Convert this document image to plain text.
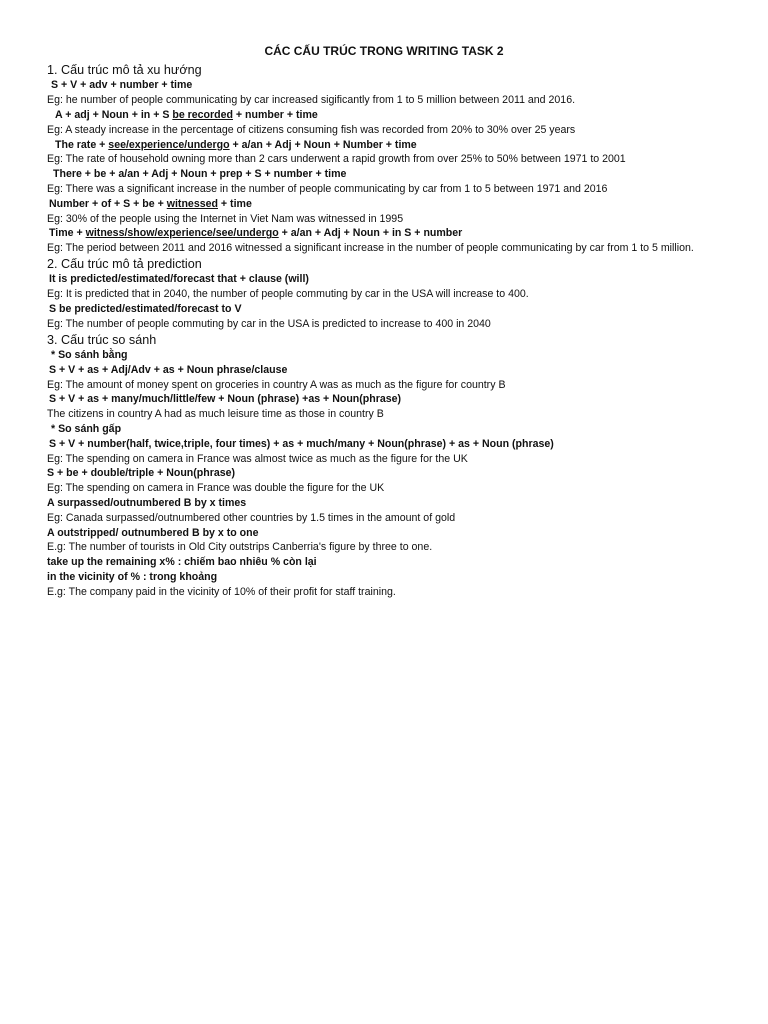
CÁC CẤU TRÚC TRONG WRITING TASK 2
1. Cấu trúc mô tả xu hướng
S + V + adv + number + time
Eg: he number of people communicating by car increased sigificantly from 1 to 5 million between 2011 and 2016.
A + adj + Noun + in + S be recorded + number + time
Eg: A steady increase in the percentage of citizens consuming fish was recorded from 20% to 30% over 25 years
The rate + see/experience/undergo + a/an + Adj + Noun + Number + time
Eg: The rate of household owning more than 2 cars underwent a rapid growth from over 25% to 50% between 1971 to 2001
There + be + a/an + Adj + Noun + prep + S + number + time
Eg: There was a significant increase in the number of people communicating by car from 1 to 5 between 1971 and 2016
Number + of + S + be + witnessed + time
Eg: 30% of the people using the Internet in Viet Nam was witnessed in 1995
Time + witness/show/experience/see/undergo + a/an + Adj + Noun + in S + number
Eg: The period between 2011 and 2016 witnessed a significant increase in the number of people communicating by car from 1 to 5 million.
2. Cấu trúc mô tả prediction
It is predicted/estimated/forecast that + clause (will)
Eg: It is predicted that in 2040, the number of people commuting by car in the USA will increase to 400.
S be predicted/estimated/forecast to V
Eg: The number of people commuting by car in the USA is predicted to increase to 400 in 2040
3. Cấu trúc so sánh
* So sánh bằng
S + V + as + Adj/Adv + as + Noun phrase/clause
Eg: The amount of money spent on groceries in country A was as much as the figure for country B
S + V + as + many/much/little/few + Noun (phrase) +as + Noun(phrase)
The citizens in country A had as much leisure time as those in country B
* So sánh gấp
S + V + number(half, twice,triple, four times) + as + much/many + Noun(phrase) + as + Noun (phrase)
Eg: The spending on camera in France was almost twice as much as the figure for the UK
S + be + double/triple + Noun(phrase)
Eg: The spending on camera in France was double the figure for the UK
A surpassed/outnumbered B by x times
Eg: Canada surpassed/outnumbered other countries by 1.5 times in the amount of gold
A outstripped/ outnumbered B by x to one
E.g: The number of tourists in Old City outstrips Canberria's figure by three to one.
take up the remaining x% : chiếm bao nhiêu % còn lại
in the vicinity of % : trong khoảng
E.g: The company paid in the vicinity of 10% of their profit for staff training.
